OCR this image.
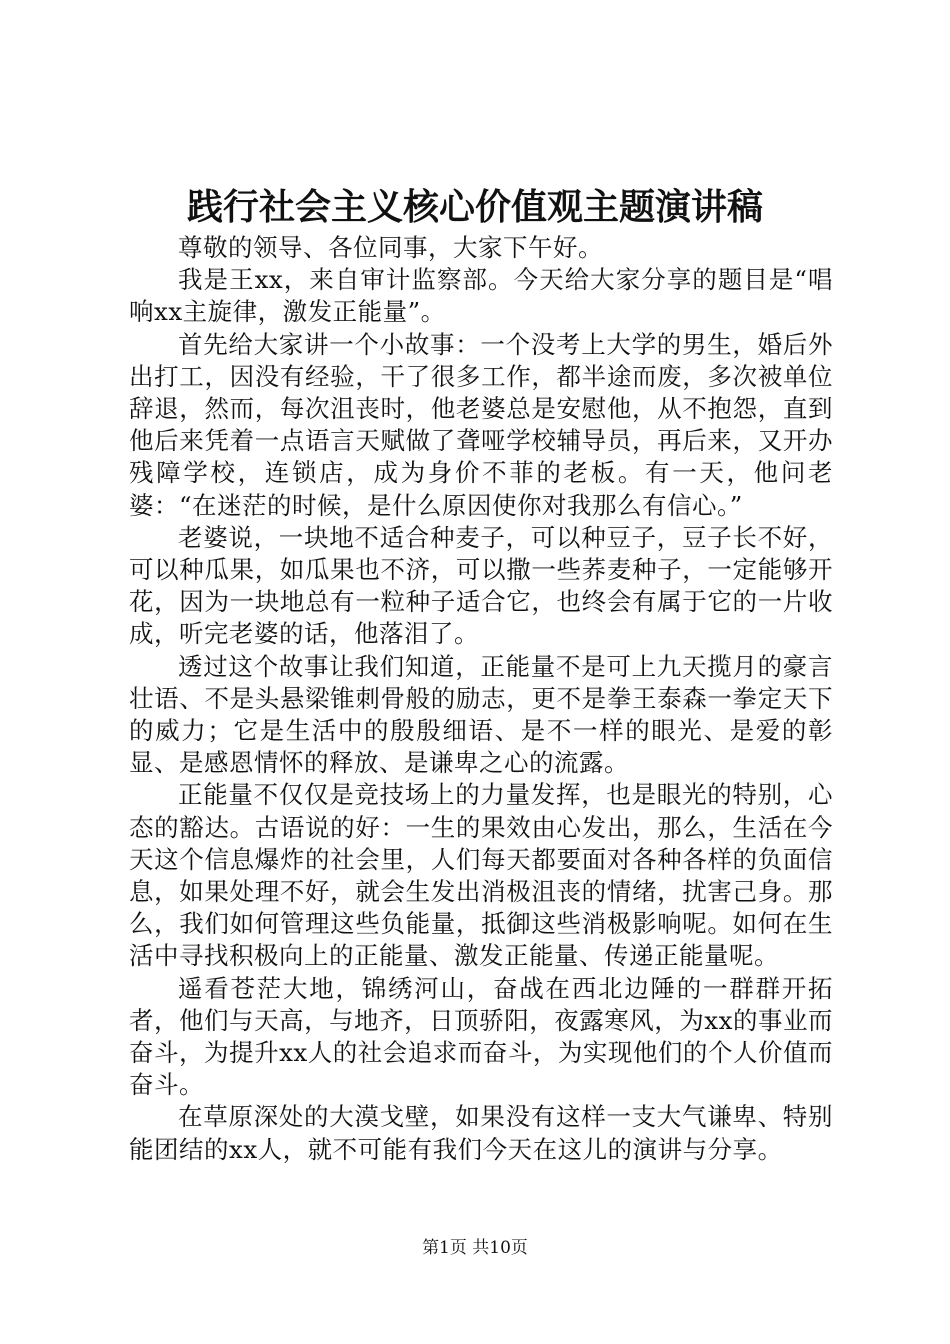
践行社会主义核心价值观主题演讲稿

尊敬的领导、各位同事，大家下午好。

我是王xx，来自审计监察部。今天给大家分享的题目是“唱响xx主旋律，激发正能量”。

首先给大家讲一个小故事：一个没考上大学的男生，婚后外出打工，因没有经验，干了很多工作，都半途而废，多次被单位辞退，然而，每次沮丧时，他老婆总是安慰他，从不抱怨，直到他后来凭着一点语言天赋做了聋哑学校辅导员，再后来，又开办残障学校，连锁店，成为身价不菲的老板。有一天，他问老婆：“在迷茫的时候，是什么原因使你对我那么有信心。”

老婆说，一块地不适合种麦子，可以种豆子，豆子长不好，可以种瓜果，如瓜果也不济，可以撒一些荞麦种子，一定能够开花，因为一块地总有一粒种子适合它，也终会有属于它的一片收成，听完老婆的话，他落泪了。

透过这个故事让我们知道，正能量不是可上九天揽月的豪言壮语、不是头悬梁锥刺骨般的励志，更不是拳王泰森一拳定天下的威力；它是生活中的殷殷细语、是不一样的眼光、是爱的彰显、是感恩情怀的释放、是谦卑之心的流露。

正能量不仅仅是竞技场上的力量发挥，也是眼光的特别，心态的豁达。古语说的好：一生的果效由心发出，那么，生活在今天这个信息爆炸的社会里，人们每天都要面对各种各样的负面信息，如果处理不好，就会生发出消极沮丧的情绪，扰害己身。那么，我们如何管理这些负能量，抵御这些消极影响呢。如何在生活中寻找积极向上的正能量、激发正能量、传递正能量呢。

遥看苍茫大地，锦绣河山，奋战在西北边陲的一群群开拓者，他们与天高，与地齐，日顶骄阳，夜露寒风，为xx的事业而奋斗，为提升xx人的社会追求而奋斗，为实现他们的个人价值而奋斗。

在草原深处的大漠戈壁，如果没有这样一支大气谦卑、特别能团结的xx人，就不可能有我们今天在这儿的演讲与分享。

第1页 共10页
